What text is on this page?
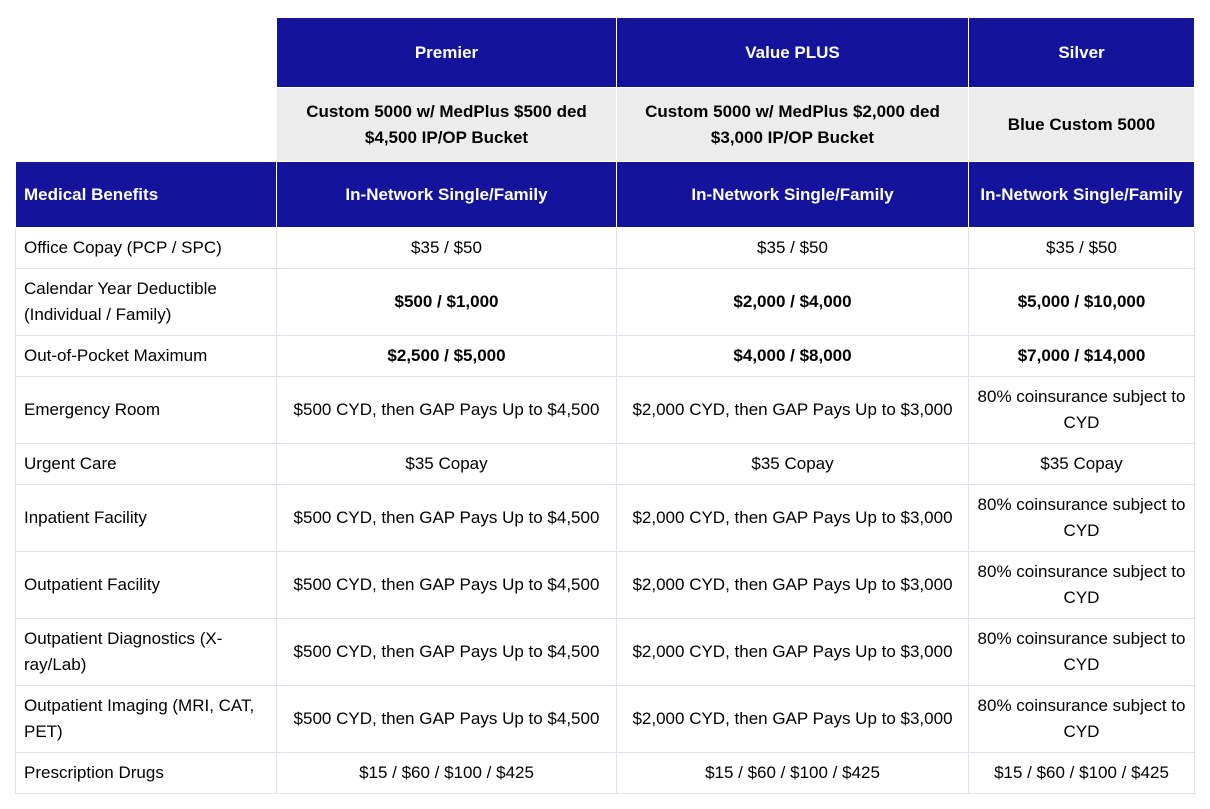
	Premier	Value PLUS	Silver
	Custom 5000 w/ MedPlus $500 ded $4,500 IP/OP Bucket	Custom 5000 w/ MedPlus $2,000 ded $3,000 IP/OP Bucket	Blue Custom 5000
Medical Benefits	In-Network Single/Family	In-Network Single/Family	In-Network Single/Family
Office Copay (PCP / SPC)	$35 / $50	$35 / $50	$35 / $50
Calendar Year Deductible (Individual / Family)	$500 / $1,000	$2,000 / $4,000	$5,000 / $10,000
Out-of-Pocket Maximum	$2,500 / $5,000	$4,000 / $8,000	$7,000 / $14,000
Emergency Room	$500 CYD, then GAP Pays Up to $4,500	$2,000 CYD, then GAP Pays Up to $3,000	80% coinsurance subject to CYD
Urgent Care	$35 Copay	$35 Copay	$35 Copay
Inpatient Facility	$500 CYD, then GAP Pays Up to $4,500	$2,000 CYD, then GAP Pays Up to $3,000	80% coinsurance subject to CYD
Outpatient Facility	$500 CYD, then GAP Pays Up to $4,500	$2,000 CYD, then GAP Pays Up to $3,000	80% coinsurance subject to CYD
Outpatient Diagnostics (X-ray/Lab)	$500 CYD, then GAP Pays Up to $4,500	$2,000 CYD, then GAP Pays Up to $3,000	80% coinsurance subject to CYD
Outpatient Imaging (MRI, CAT, PET)	$500 CYD, then GAP Pays Up to $4,500	$2,000 CYD, then GAP Pays Up to $3,000	80% coinsurance subject to CYD
Prescription Drugs	$15 / $60 / $100 / $425	$15 / $60 / $100 / $425	$15 / $60 / $100 / $425
